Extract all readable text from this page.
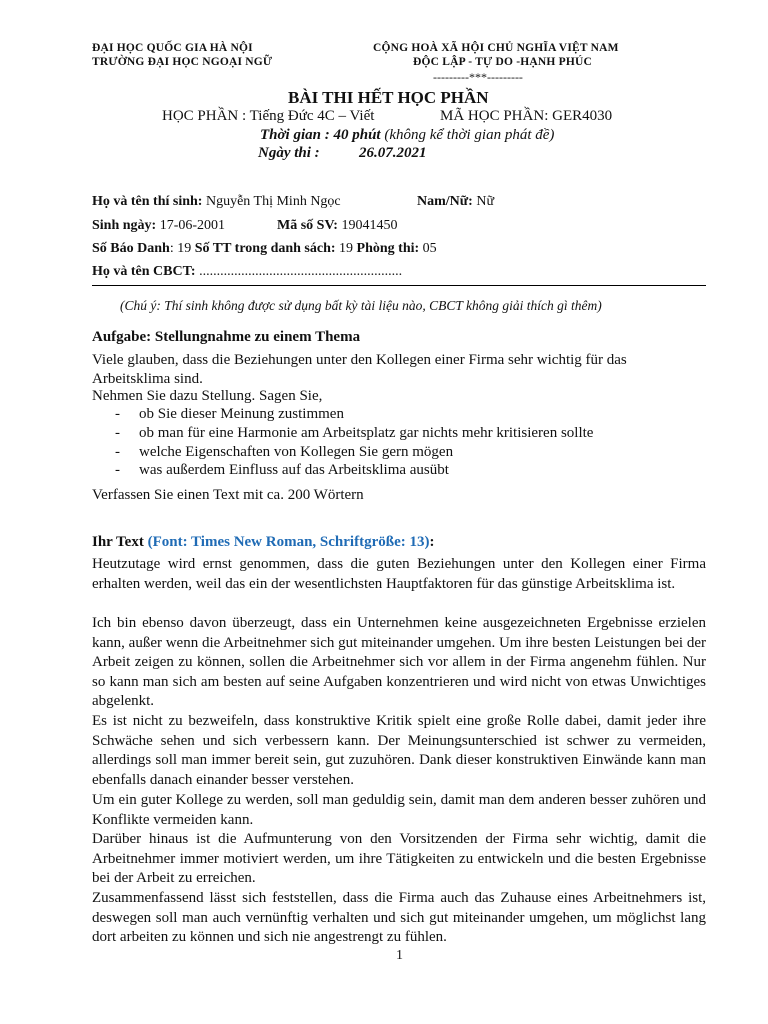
ĐẠI HỌC QUỐC GIA HÀ NỘI
TRƯỜNG ĐẠI HỌC NGOẠI NGỮ
CỘNG HOÀ XÃ HỘI CHỦ NGHĨA VIỆT NAM
ĐỘC LẬP - TỰ DO -HẠNH PHÚC
---------***---------
BÀI THI HẾT HỌC PHẦN
HỌC PHẦN : Tiếng Đức 4C – Viết	MÃ HỌC PHẦN: GER4030
Thời gian : 40 phút (không kể thời gian phát đề)
Ngày thi :	26.07.2021
Họ và tên thí sinh: Nguyễn Thị Minh Ngọc	Nam/Nữ: Nữ
Sinh ngày: 17-06-2001	Mã số SV: 19041450
Số Báo Danh: 19 Số TT trong danh sách: 19 Phòng thi: 05
Họ và tên CBCT: ..........................................................
(Chú ý: Thí sinh không được sử dụng bất kỳ tài liệu nào, CBCT không giải thích gì thêm)
Aufgabe: Stellungnahme zu einem Thema
Viele glauben, dass die Beziehungen unter den Kollegen einer Firma sehr wichtig für das
Arbeitsklima sind.
Nehmen Sie dazu Stellung. Sagen Sie,
- ob Sie dieser Meinung zustimmen
- ob man für eine Harmonie am Arbeitsplatz gar nichts mehr kritisieren sollte
- welche Eigenschaften von Kollegen Sie gern mögen
- was außerdem Einfluss auf das Arbeitsklima ausübt
Verfassen Sie einen Text mit ca. 200 Wörtern
Ihr Text (Font: Times New Roman, Schriftgröße: 13):
Heutzutage wird ernst genommen, dass die guten Beziehungen unter den Kollegen einer Firma erhalten werden, weil das ein der wesentlichsten Hauptfaktoren für das günstige Arbeitsklima ist.
Ich bin ebenso davon überzeugt, dass ein Unternehmen keine ausgezeichneten Ergebnisse erzielen kann, außer wenn die Arbeitnehmer sich gut miteinander umgehen. Um ihre besten Leistungen bei der Arbeit zeigen zu können, sollen die Arbeitnehmer sich vor allem in der Firma angenehm fühlen. Nur so kann man sich am besten auf seine Aufgaben konzentrieren und wird nicht von etwas Unwichtiges abgelenkt.
Es ist nicht zu bezweifeln, dass konstruktive Kritik spielt eine große Rolle dabei, damit jeder ihre Schwäche sehen und sich verbessern kann. Der Meinungsunterschied ist schwer zu vermeiden, allerdings soll man immer bereit sein, gut zuzuhören. Dank dieser konstruktiven Einwände kann man ebenfalls danach einander besser verstehen.
Um ein guter Kollege zu werden, soll man geduldig sein, damit man dem anderen besser zuhören und Konflikte vermeiden kann.
Darüber hinaus ist die Aufmunterung von den Vorsitzenden der Firma sehr wichtig, damit die Arbeitnehmer immer motiviert werden, um ihre Tätigkeiten zu entwickeln und die besten Ergebnisse bei der Arbeit zu erreichen.
Zusammenfassend lässt sich feststellen, dass die Firma auch das Zuhause eines Arbeitnehmers ist, deswegen soll man auch vernünftig verhalten und sich gut miteinander umgehen, um möglichst lang dort arbeiten zu können und sich nie angestrengt zu fühlen.
1
